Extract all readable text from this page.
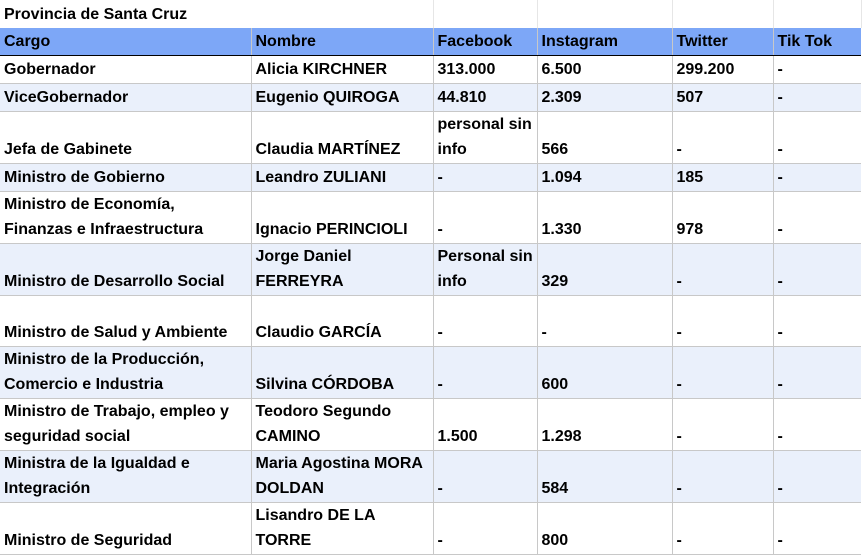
Provincia de Santa Cruz					
Cargo	Nombre	Facebook	Instagram	Twitter	Tik Tok
Gobernador	Alicia KIRCHNER	313.000	6.500	299.200	-
ViceGobernador	Eugenio QUIROGA	44.810	2.309	507	-
Jefa de Gabinete	Claudia MARTÍNEZ	personal sin info	566	-	-
Ministro de Gobierno	Leandro ZULIANI	-	1.094	185	-
Ministro de Economía, Finanzas e Infraestructura	Ignacio PERINCIOLI	-	1.330	978	-
Ministro de Desarrollo Social	Jorge Daniel FERREYRA	Personal sin info	329	-	-
Ministro de Salud y Ambiente	Claudio GARCÍA	-	-	-	-
Ministro de la Producción, Comercio e Industria	Silvina CÓRDOBA	-	600	-	-
Ministro de Trabajo, empleo y seguridad social	Teodoro Segundo CAMINO	1.500	1.298	-	-
Ministra de la Igualdad e Integración	Maria Agostina MORA DOLDAN	-	584	-	-
Ministro de Seguridad	Lisandro DE LA TORRE	-	800	-	-
